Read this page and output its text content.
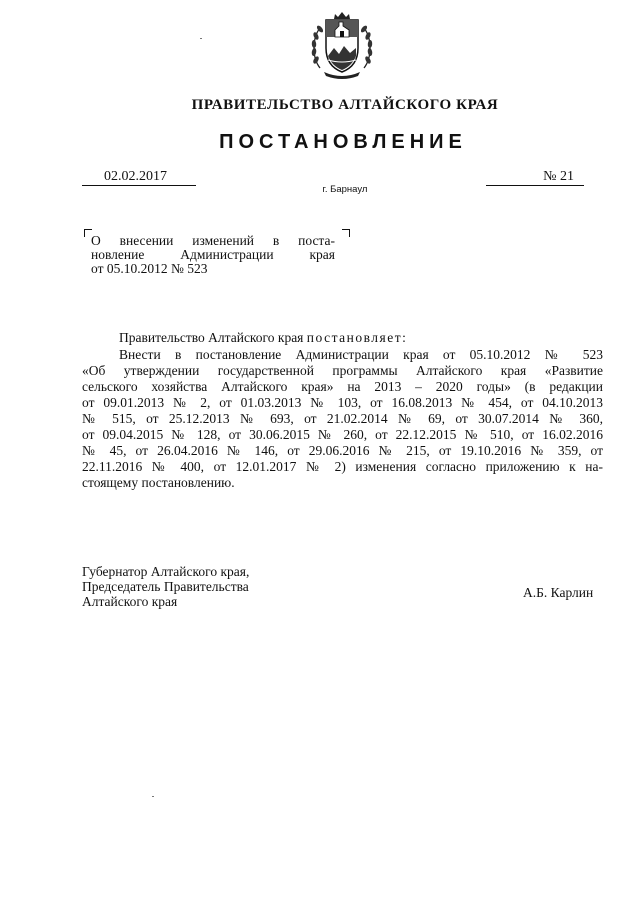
ПРАВИТЕЛЬСТВО АЛТАЙСКОГО КРАЯ
ПОСТАНОВЛЕНИЕ
02.02.2017	№ 21
г. Барнаул
О внесении изменений в поста-
новление Администрации края
от 05.10.2012 № 523
Правительство Алтайского края постановляет:
Внести в постановление Администрации края от 05.10.2012 № 523
«Об утверждении государственной программы Алтайского края «Развитие
сельского хозяйства Алтайского края» на 2013 – 2020 годы» (в редакции
от 09.01.2013 № 2, от 01.03.2013 № 103, от 16.08.2013 № 454, от 04.10.2013
№ 515, от 25.12.2013 № 693, от 21.02.2014 № 69, от 30.07.2014 № 360,
от 09.04.2015 № 128, от 30.06.2015 № 260, от 22.12.2015 № 510, от 16.02.2016
№ 45, от 26.04.2016 № 146, от 29.06.2016 № 215, от 19.10.2016 № 359, от
22.11.2016 № 400, от 12.01.2017 № 2) изменения согласно приложению к на-
стоящему постановлению.
Губернатор Алтайского края,
Председатель Правительства
Алтайского края
А.Б. Карлин
